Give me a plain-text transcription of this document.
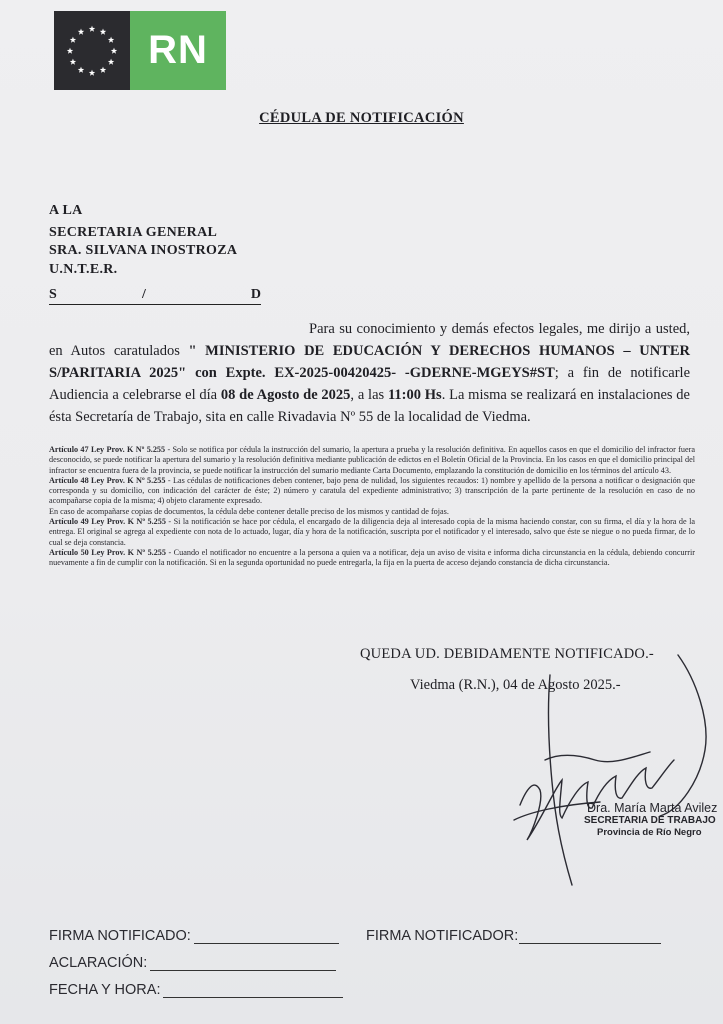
RN
CÉDULA DE NOTIFICACIÓN
A LA
SECRETARIA GENERAL
SRA. SILVANA INOSTROZA
U.N.T.E.R.
S	/	D
Para su conocimiento y demás efectos legales, me dirijo a usted, en Autos caratulados " MINISTERIO DE EDUCACIÓN Y DERECHOS HUMANOS – UNTER S/PARITARIA 2025" con Expte. EX-2025-00420425- -GDERNE-MGEYS#ST; a fin de notificarle Audiencia a celebrarse el día 08 de Agosto de 2025, a las 11:00 Hs. La misma se realizará en instalaciones de ésta Secretaría de Trabajo, sita en calle Rivadavia Nº 55 de la localidad de Viedma.

Artículo 47 Ley Prov. K Nº 5.255 - Solo se notifica por cédula la instrucción del sumario, la apertura a prueba y la resolución definitiva. En aquellos casos en que el domicilio del infractor fuera desconocido, se puede notificar la apertura del sumario y la resolución definitiva mediante publicación de edictos en el Boletín Oficial de la Provincia. En los casos en que el domicilio principal del infractor se encuentra fuera de la provincia, se puede notificar la instrucción del sumario mediante Carta Documento, emplazando la constitución de domicilio en los términos del artículo 43.

Artículo 48 Ley Prov. K Nº 5.255 - Las cédulas de notificaciones deben contener, bajo pena de nulidad, los siguientes recaudos: 1) nombre y apellido de la persona a notificar o designación que corresponda y su domicilio, con indicación del carácter de éste; 2) número y caratula del expediente administrativo; 3) transcripción de la parte pertinente de la resolución en caso de no acompañarse copia de la misma; 4) objeto claramente expresado.

En caso de acompañarse copias de documentos, la cédula debe contener detalle preciso de los mismos y cantidad de fojas.

Artículo 49 Ley Prov. K Nº 5.255 - Si la notificación se hace por cédula, el encargado de la diligencia deja al interesado copia de la misma haciendo constar, con su firma, el día y la hora de la entrega. El original se agrega al expediente con nota de lo actuado, lugar, día y hora de la notificación, suscripta por el notificador y el interesado, salvo que éste se niegue o no pueda firmar, de lo cual se deja constancia.

Artículo 50 Ley Prov. K Nº 5.255 - Cuando el notificador no encuentre a la persona a quien va a notificar, deja un aviso de visita e informa dicha circunstancia en la cédula, debiendo concurrir nuevamente a fin de cumplir con la notificación. Si en la segunda oportunidad no puede entregarla, la fija en la puerta de acceso dejando constancia de dicha circunstancia.

QUEDA UD. DEBIDAMENTE NOTIFICADO.-
Viedma (R.N.), 04 de Agosto 2025.-
Dra. María Marta Avilez
SECRETARIA DE TRABAJO
Provincia de Río Negro
FIRMA NOTIFICADO:	FIRMA NOTIFICADOR:
ACLARACIÓN:
FECHA Y HORA:
